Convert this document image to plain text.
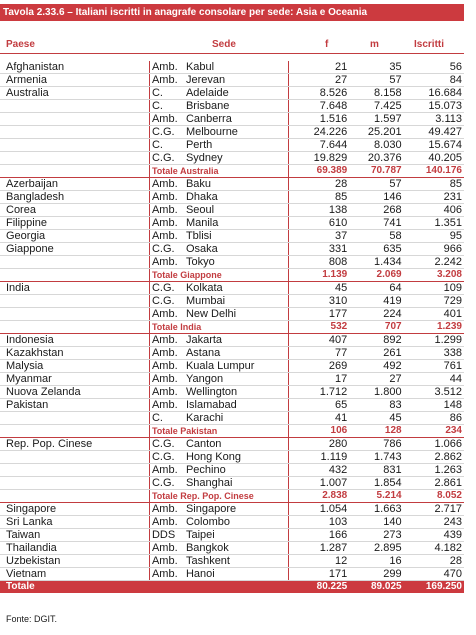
Tavola 2.33.6 – Italiani iscritti in anagrafe consolare per sede: Asia e Oceania
Paese	Sede	f	m	Iscritti
Afghanistan	Amb. Kabul	21	35	56
Armenia	Amb. Jerevan	27	57	84
Australia	C. Adelaide	8.526	8.158	16.684
	C. Brisbane	7.648	7.425	15.073
	Amb. Canberra	1.516	1.597	3.113
	C.G. Melbourne	24.226	25.201	49.427
	C. Perth	7.644	8.030	15.674
	C.G. Sydney	19.829	20.376	40.205
	Totale Australia	69.389	70.787	140.176
Azerbaijan	Amb. Baku	28	57	85
Bangladesh	Amb. Dhaka	85	146	231
Corea	Amb. Seoul	138	268	406
Filippine	Amb. Manila	610	741	1.351
Georgia	Amb. Tblisi	37	58	95
Giappone	C.G. Osaka	331	635	966
	Amb. Tokyo	808	1.434	2.242
	Totale Giappone	1.139	2.069	3.208
India	C.G. Kolkata	45	64	109
	C.G. Mumbai	310	419	729
	Amb. New Delhi	177	224	401
	Totale India	532	707	1.239
Indonesia	Amb. Jakarta	407	892	1.299
Kazakhstan	Amb. Astana	77	261	338
Malysia	Amb. Kuala Lumpur	269	492	761
Myanmar	Amb. Yangon	17	27	44
Nuova Zelanda	Amb. Wellington	1.712	1.800	3.512
Pakistan	Amb. Islamabad	65	83	148
	C. Karachi	41	45	86
	Totale Pakistan	106	128	234
Rep. Pop. Cinese	C.G. Canton	280	786	1.066
	C.G. Hong Kong	1.119	1.743	2.862
	Amb. Pechino	432	831	1.263
	C.G. Shanghai	1.007	1.854	2.861
	Totale Rep. Pop. Cinese	2.838	5.214	8.052
Singapore	Amb. Singapore	1.054	1.663	2.717
Sri Lanka	Amb. Colombo	103	140	243
Taiwan	DDS Taipei	166	273	439
Thailandia	Amb. Bangkok	1.287	2.895	4.182
Uzbekistan	Amb. Tashkent	12	16	28
Vietnam	Amb. Hanoi	171	299	470
Totale		80.225	89.025	169.250
Fonte: DGIT.
